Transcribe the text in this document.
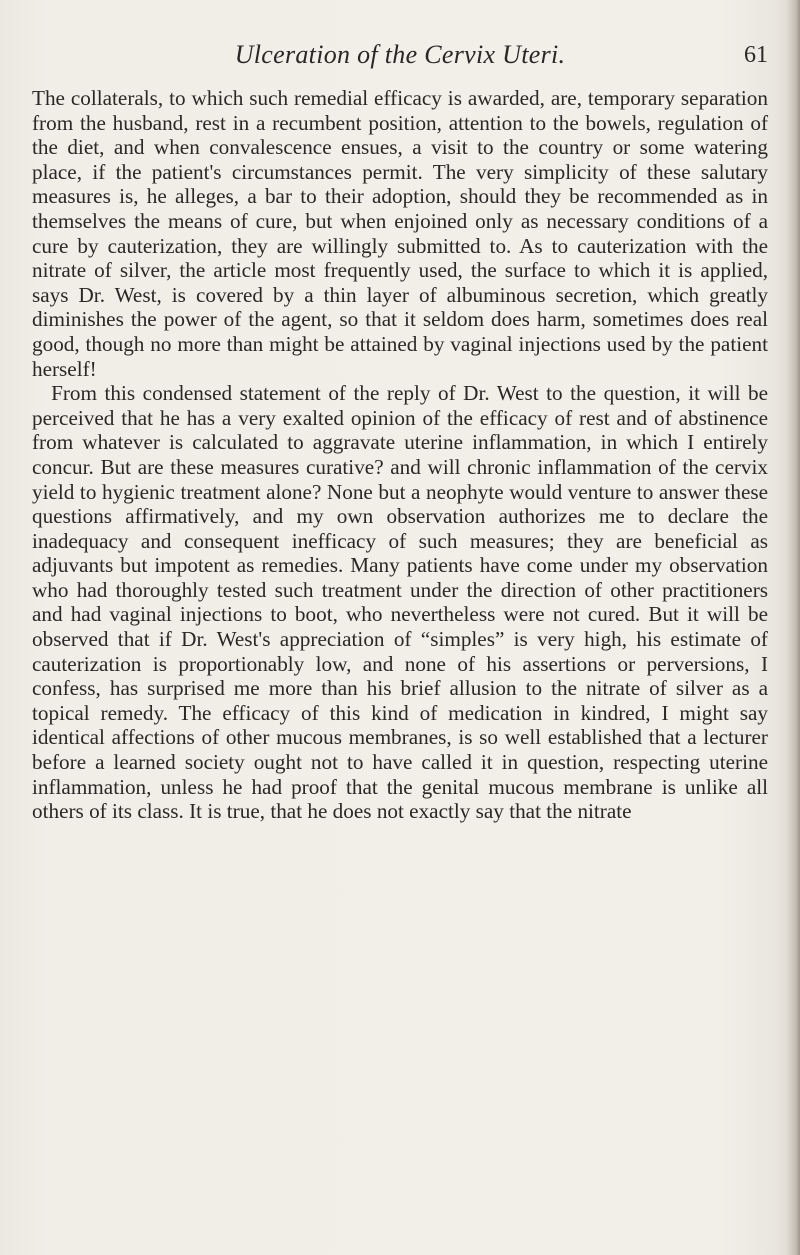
Ulceration of the Cervix Uteri.	61

The collaterals, to which such remedial efficacy is awarded, are, temporary separation from the husband, rest in a recumbent position, attention to the bowels, regulation of the diet, and when convalescence ensues, a visit to the country or some watering place, if the patient's circumstances permit. The very simplicity of these salutary measures is, he alleges, a bar to their adoption, should they be recommended as in themselves the means of cure, but when enjoined only as necessary conditions of a cure by cauterization, they are willingly submitted to. As to cauterization with the nitrate of silver, the article most frequently used, the surface to which it is applied, says Dr. West, is covered by a thin layer of albuminous secretion, which greatly diminishes the power of the agent, so that it seldom does harm, sometimes does real good, though no more than might be attained by vaginal injections used by the patient herself!

From this condensed statement of the reply of Dr. West to the question, it will be perceived that he has a very exalted opinion of the efficacy of rest and of abstinence from whatever is calculated to aggravate uterine inflammation, in which I entirely concur. But are these measures curative? and will chronic inflammation of the cervix yield to hygienic treatment alone? None but a neophyte would venture to answer these questions affirmatively, and my own observation authorizes me to declare the inadequacy and consequent inefficacy of such measures; they are beneficial as adjuvants but impotent as remedies. Many patients have come under my observation who had thoroughly tested such treatment under the direction of other practitioners and had vaginal injections to boot, who nevertheless were not cured. But it will be observed that if Dr. West's appreciation of “simples” is very high, his estimate of cauterization is proportionably low, and none of his assertions or perversions, I confess, has surprised me more than his brief allusion to the nitrate of silver as a topical remedy. The efficacy of this kind of medication in kindred, I might say identical affections of other mucous membranes, is so well established that a lecturer before a learned society ought not to have called it in question, respecting uterine inflammation, unless he had proof that the genital mucous membrane is unlike all others of its class. It is true, that he does not exactly say that the nitrate
